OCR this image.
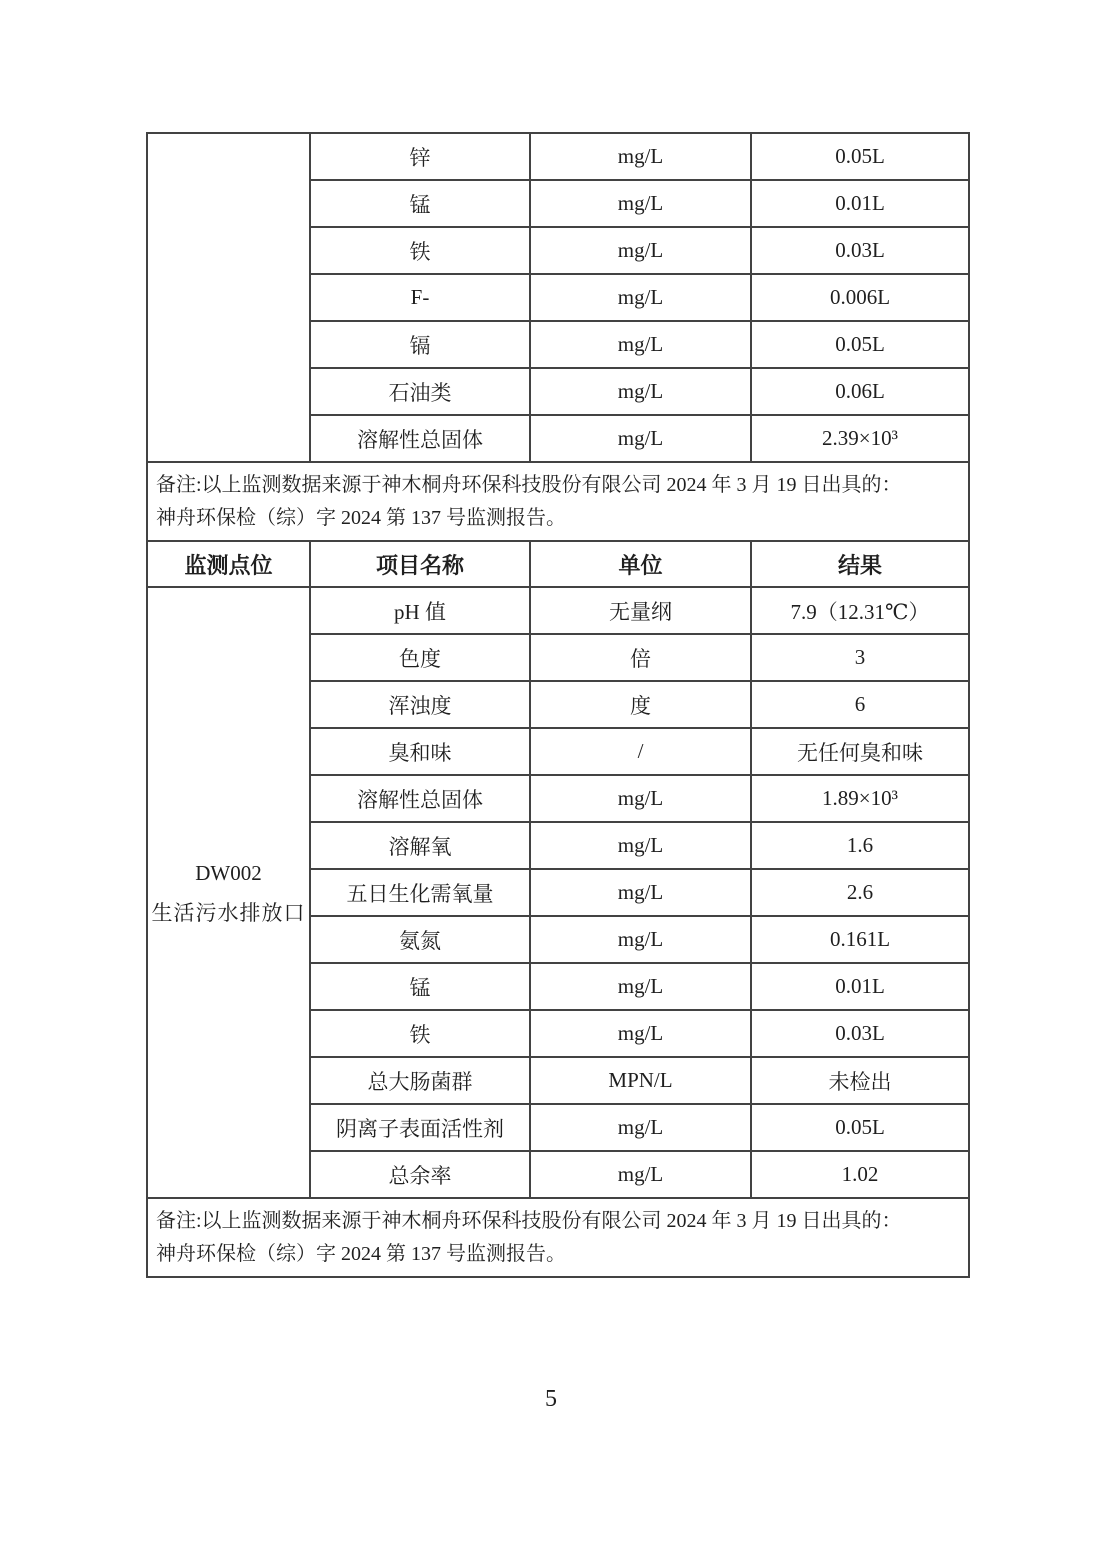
	锌	mg/L	0.05L
	锰	mg/L	0.01L
	铁	mg/L	0.03L
	F-	mg/L	0.006L
	镉	mg/L	0.05L
	石油类	mg/L	0.06L
	溶解性总固体	mg/L	2.39×10³

备注:以上监测数据来源于神木桐舟环保科技股份有限公司 2024 年 3 月 19 日出具的：
神舟环保检（综）字 2024 第 137 号监测报告。			

监测点位	项目名称	单位	结果

DW002
生活污水排放口	pH 值	无量纲	7.9（12.31℃）
	色度	倍	3
	浑浊度	度	6
	臭和味	/	无任何臭和味
	溶解性总固体	mg/L	1.89×10³
	溶解氧	mg/L	1.6
	五日生化需氧量	mg/L	2.6
	氨氮	mg/L	0.161L
	锰	mg/L	0.01L
	铁	mg/L	0.03L
	总大肠菌群	MPN/L	未检出
	阴离子表面活性剂	mg/L	0.05L
	总余率	mg/L	1.02

备注:以上监测数据来源于神木桐舟环保科技股份有限公司 2024 年 3 月 19 日出具的：
神舟环保检（综）字 2024 第 137 号监测报告。			
5
